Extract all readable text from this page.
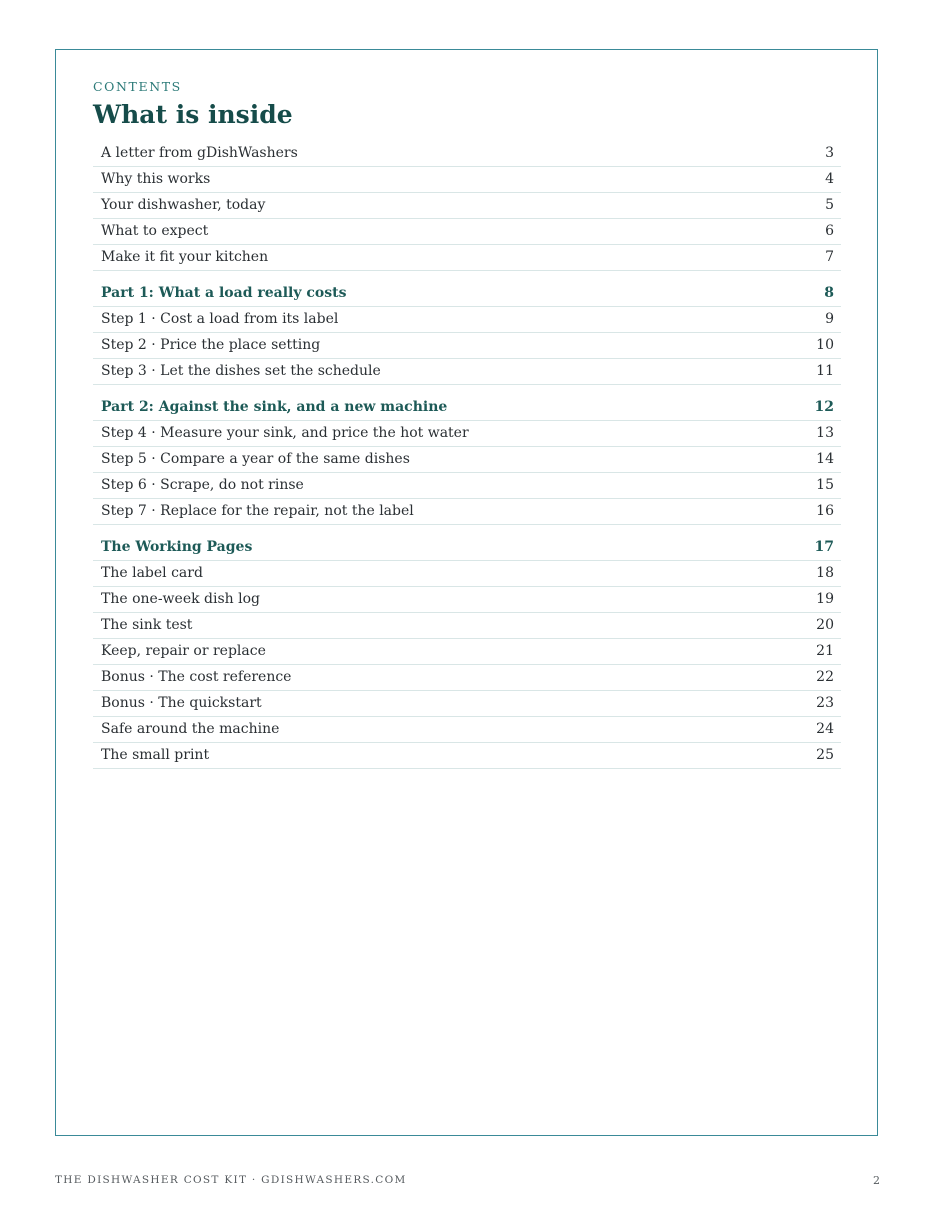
CONTENTS
What is inside
A letter from gDishWashers	3
Why this works	4
Your dishwasher, today	5
What to expect	6
Make it fit your kitchen	7
Part 1: What a load really costs	8
Step 1 · Cost a load from its label	9
Step 2 · Price the place setting	10
Step 3 · Let the dishes set the schedule	11
Part 2: Against the sink, and a new machine	12
Step 4 · Measure your sink, and price the hot water	13
Step 5 · Compare a year of the same dishes	14
Step 6 · Scrape, do not rinse	15
Step 7 · Replace for the repair, not the label	16
The Working Pages	17
The label card	18
The one-week dish log	19
The sink test	20
Keep, repair or replace	21
Bonus · The cost reference	22
Bonus · The quickstart	23
Safe around the machine	24
The small print	25
THE DISHWASHER COST KIT · GDISHWASHERS.COM	2
